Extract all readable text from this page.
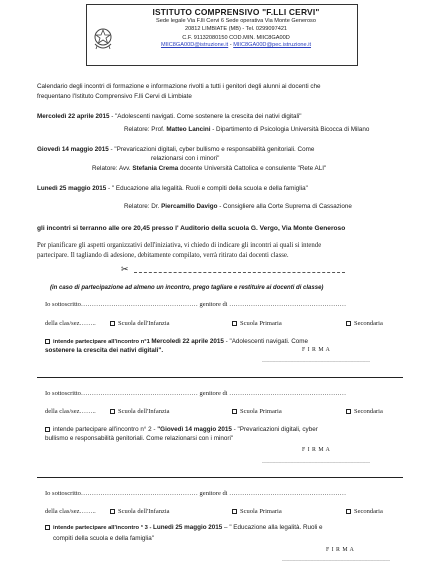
ISTITUTO COMPRENSIVO "F.LLI CERVI"
Sede legale Via F.lli Cervi 6 Sede operativa Via Monte Generoso
20812 LIMBIATE (MB) - Tel. 0299097421
C.F. 91132080150 COD.MIN. MIIC8GA00D
MIIC8GA00D@istruzione.it - MIIC8GA00D@pec.istruzione.it
Calendario degli incontri di formazione e informazione rivolti a tutti i genitori degli alunni ai docenti che
frequentano l'Istituto Comprensivo F.lli Cervi di Limbiate
Mercoledì 22 aprile 2015 - "Adolescenti navigati. Come sostenere la crescita dei nativi digitali"
Relatore: Prof. Matteo Lancini - Dipartimento di Psicologia Università Bicocca di Milano
Giovedì 14 maggio 2015 - "Prevaricazioni digitali, cyber bullismo e responsabilità genitoriali. Come
relazionarsi con i minori"
Relatore: Avv. Stefania Crema docente Università Cattolica e consulente "Rete ALI"
Lunedì 25 maggio 2015 - " Educazione alla legalità. Ruoli e compiti della scuola e della famiglia"
Relatore: Dr. Piercamillo Davigo - Consigliere alla Corte Suprema di Cassazione
gli incontri si terranno alle ore 20,45 presso l' Auditorio della scuola G. Vergo, Via Monte Generoso
Per pianificare gli aspetti organizzativi dell'iniziativa, vi chiedo di indicare gli incontri ai quali si intende
partecipare. Il tagliando di adesione, debitamente compilato, verrà ritirato dai docenti classe.
✂
(in caso di partecipazione ad almeno un incontro, prego tagliare e restituire ai docenti di classe)
Io sottoscritto……………………………………………… genitore di ………………………………………………
della clas/sez……..	Scuola dell'Infanzia	Scuola Primaria	Secondaria
intende partecipare all'incontro n°1 Mercoledì 22 aprile 2015 - "Adolescenti navigati. Come
sostenere la crescita dei nativi digitali".	F I R M A
………………………………………………
Io sottoscritto……………………………………………… genitore di ………………………………………………
della clas/sez……..	Scuola dell'Infanzia	Scuola Primaria	Secondaria
intende partecipare all'incontro n° 2 - "Giovedì 14 maggio 2015 - "Prevaricazioni digitali, cyber
bullismo e responsabilità genitoriali. Come relazionarsi con i minori"
F I R M A
………………………………………………
Io sottoscritto……………………………………………… genitore di ………………………………………………
della clas/sez……..	Scuola dell'Infanzia	Scuola Primaria	Secondaria
intende partecipare all'incontro ° 3 - Lunedì 25 maggio 2015 – " Educazione alla legalità. Ruoli e
compiti della scuola e della famiglia"
F I R M A
………………………………………………
